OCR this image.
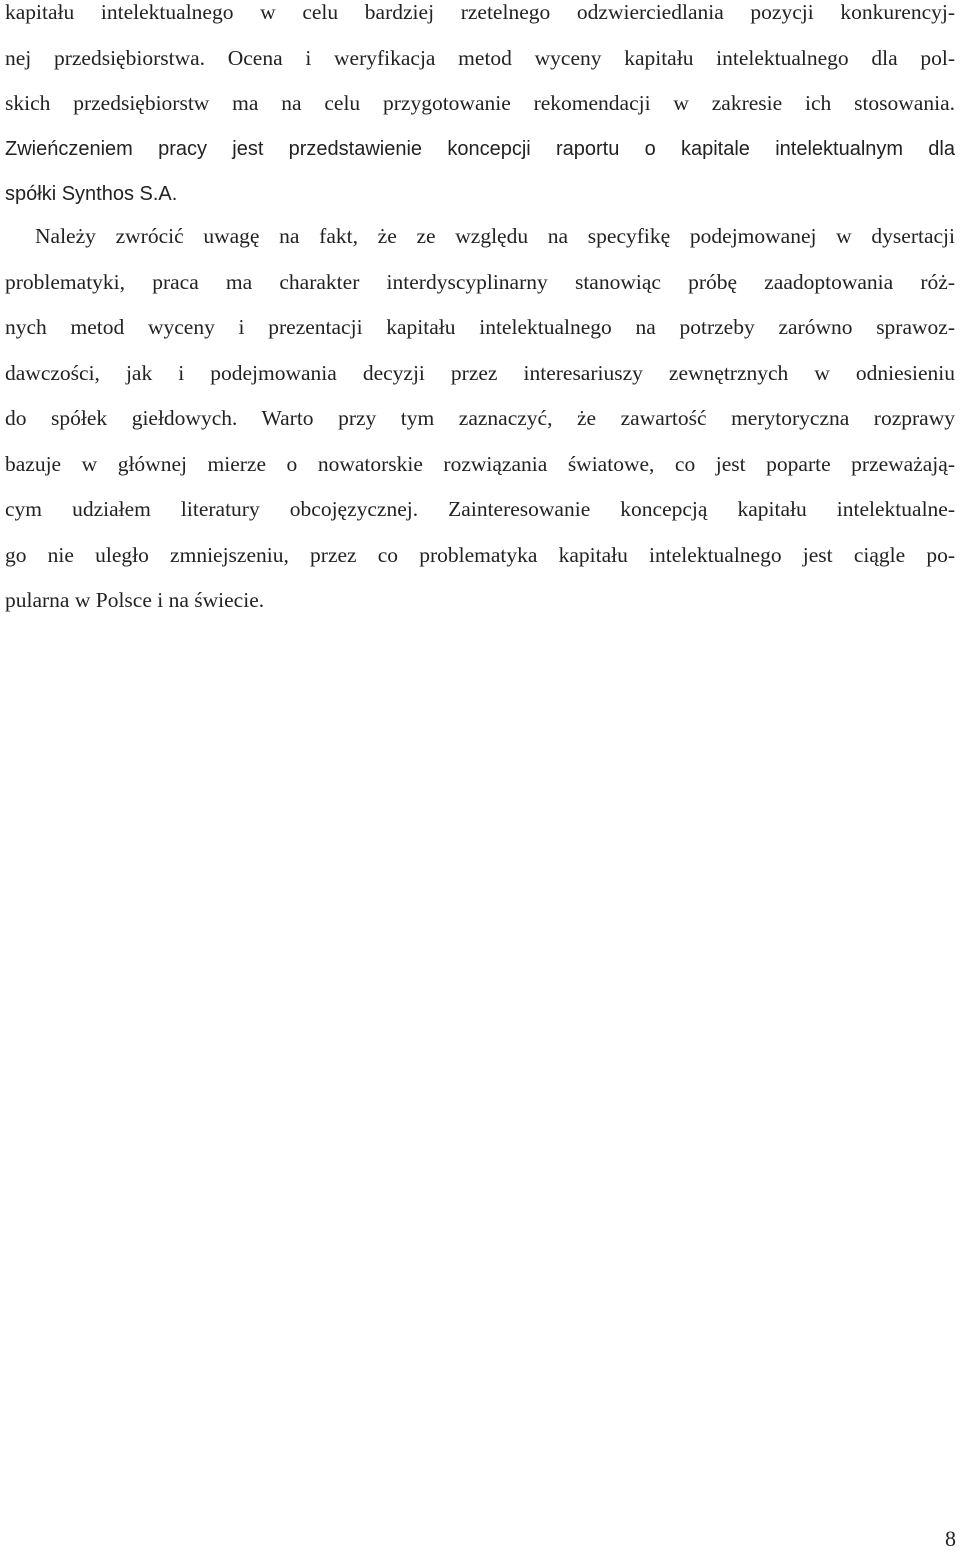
kapitału intelektualnego w celu bardziej rzetelnego odzwierciedlania pozycji konkurencyj-
nej przedsiębiorstwa. Ocena i weryfikacja metod wyceny kapitału intelektualnego dla pol-
skich przedsiębiorstw ma na celu przygotowanie rekomendacji w zakresie ich stosowania.
Zwieńczeniem pracy jest przedstawienie koncepcji raportu o kapitale intelektualnym dla
spółki Synthos S.A.
Należy zwrócić uwagę na fakt, że ze względu na specyfikę podejmowanej w dysertacji
problematyki, praca ma charakter interdyscyplinarny stanowiąc próbę zaadoptowania róż-
nych metod wyceny i prezentacji kapitału intelektualnego na potrzeby zarówno sprawoz-
dawczości, jak i podejmowania decyzji przez interesariuszy zewnętrznych w odniesieniu
do spółek giełdowych. Warto przy tym zaznaczyć, że zawartość merytoryczna rozprawy
bazuje w głównej mierze o nowatorskie rozwiązania światowe, co jest poparte przeważają-
cym udziałem literatury obcojęzycznej. Zainteresowanie koncepcją kapitału intelektualne-
go nie uległo zmniejszeniu, przez co problematyka kapitału intelektualnego jest ciągle po-
pularna w Polsce i na świecie.
8
